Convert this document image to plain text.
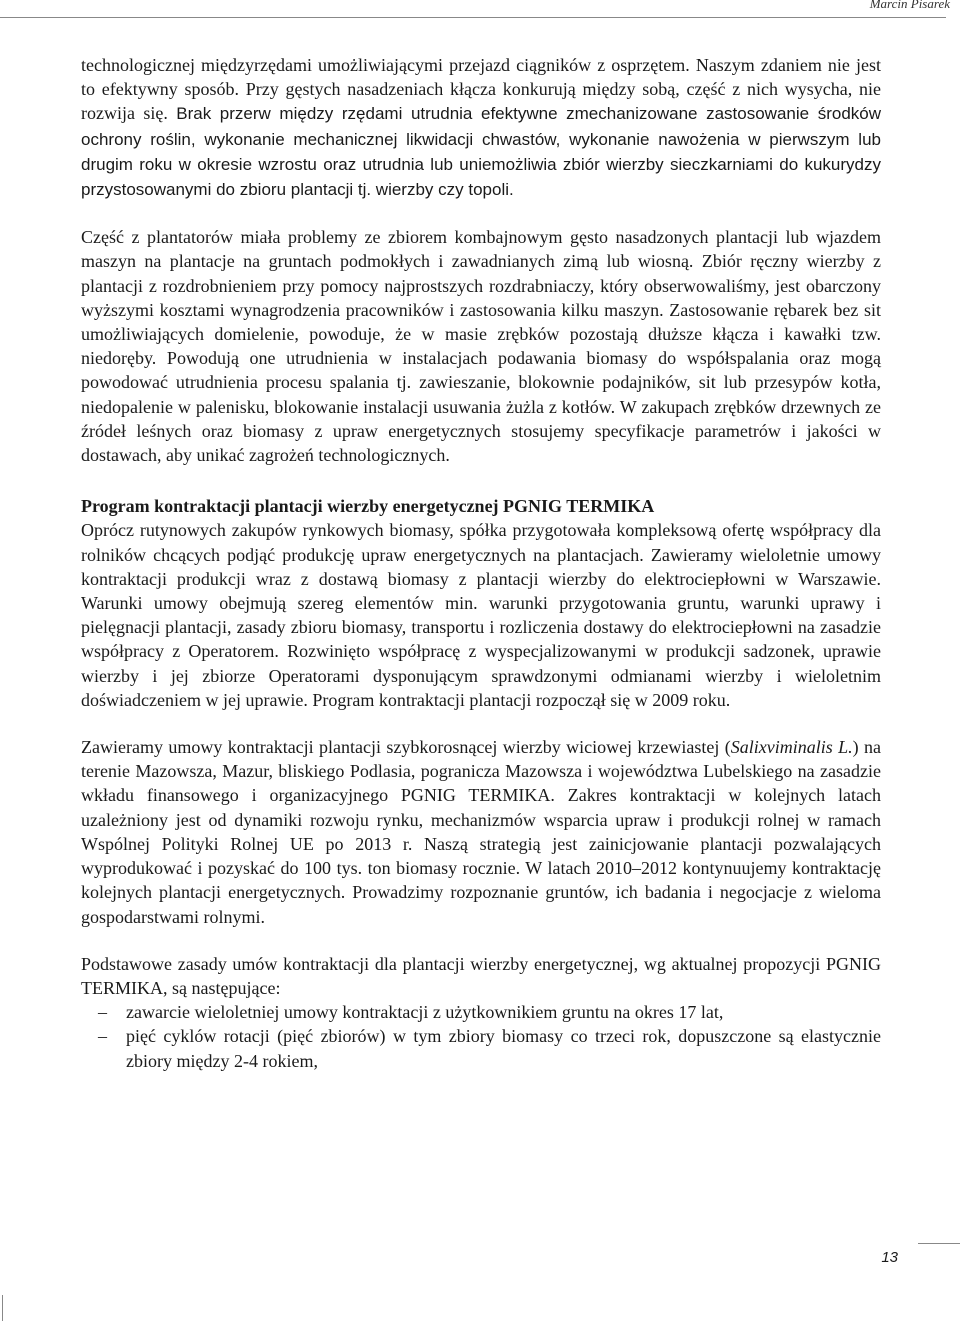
Marcin Pisarek

technologicznej międzyrzędami umożliwiającymi przejazd ciągników z osprzętem. Naszym zdaniem nie jest to efektywny sposób. Przy gęstych nasadzeniach kłącza konkurują między sobą, część z nich wysycha, nie rozwija się. Brak przerw między rzędami utrudnia efektywne zmechanizowane zastosowanie środków ochrony roślin, wykonanie mechanicznej likwidacji chwastów, wykonanie nawożenia w pierwszym lub drugim roku w okresie wzrostu oraz utrudnia lub uniemożliwia zbiór wierzby sieczkarniami do kukurydzy przystosowanymi do zbioru plantacji tj. wierzby czy topoli.

Część z plantatorów miała problemy ze zbiorem kombajnowym gęsto nasadzonych plantacji lub wjazdem maszyn na plantacje na gruntach podmokłych i zawadnianych zimą lub wiosną. Zbiór ręczny wierzby z plantacji z rozdrobnieniem przy pomocy najprostszych rozdrabniaczy, który obserwowaliśmy, jest obarczony wyższymi kosztami wynagrodzenia pracowników i zastosowania kilku maszyn. Zastosowanie rębarek bez sit umożliwiających domielenie, powoduje, że w masie zrębków pozostają dłuższe kłącza i kawałki tzw. niedoręby. Powodują one utrudnienia w instalacjach podawania biomasy do współspalania oraz mogą powodować utrudnienia procesu spalania tj. zawieszanie, blokownie podajników, sit lub przesypów kotła, niedopalenie w palenisku, blokowanie instalacji usuwania żużla z kotłów. W zakupach zrębków drzewnych ze źródeł leśnych oraz biomasy z upraw energetycznych stosujemy specyfikacje parametrów i jakości w dostawach, aby unikać zagrożeń technologicznych.

Program kontraktacji plantacji wierzby energetycznej PGNIG TERMIKA

Oprócz rutynowych zakupów rynkowych biomasy, spółka przygotowała kompleksową ofertę współpracy dla rolników chcących podjąć produkcję upraw energetycznych na plantacjach. Zawieramy wieloletnie umowy kontraktacji produkcji wraz z dostawą biomasy z plantacji wierzby do elektrociepłowni w Warszawie. Warunki umowy obejmują szereg elementów min. warunki przygotowania gruntu, warunki uprawy i pielęgnacji plantacji, zasady zbioru biomasy, transportu i rozliczenia dostawy do elektrociepłowni na zasadzie współpracy z Operatorem. Rozwinięto współpracę z wyspecjalizowanymi w produkcji sadzonek, uprawie wierzby i jej zbiorze Operatorami dysponującym sprawdzonymi odmianami wierzby i wieloletnim doświadczeniem w jej uprawie. Program kontraktacji plantacji rozpoczął się w 2009 roku.

Zawieramy umowy kontraktacji plantacji szybkorosnącej wierzby wiciowej krzewiastej (Salixviminalis L.) na terenie Mazowsza, Mazur, bliskiego Podlasia, pogranicza Mazowsza i województwa Lubelskiego na zasadzie wkładu finansowego i organizacyjnego PGNIG TERMIKA. Zakres kontraktacji w kolejnych latach uzależniony jest od dynamiki rozwoju rynku, mechanizmów wsparcia upraw i produkcji rolnej w ramach Wspólnej Polityki Rolnej UE po 2013 r. Naszą strategią jest zainicjowanie plantacji pozwalających wyprodukować i pozyskać do 100 tys. ton biomasy rocznie. W latach 2010–2012 kontynuujemy kontraktację kolejnych plantacji energetycznych. Prowadzimy rozpoznanie gruntów, ich badania i negocjacje z wieloma gospodarstwami rolnymi.

Podstawowe zasady umów kontraktacji dla plantacji wierzby energetycznej, wg aktualnej propozycji PGNIG TERMIKA, są następujące:

– zawarcie wieloletniej umowy kontraktacji z użytkownikiem gruntu na okres 17 lat,
– pięć cyklów rotacji (pięć zbiorów) w tym zbiory biomasy co trzeci rok, dopuszczone są elastycznie zbiory między 2-4 rokiem,
13
